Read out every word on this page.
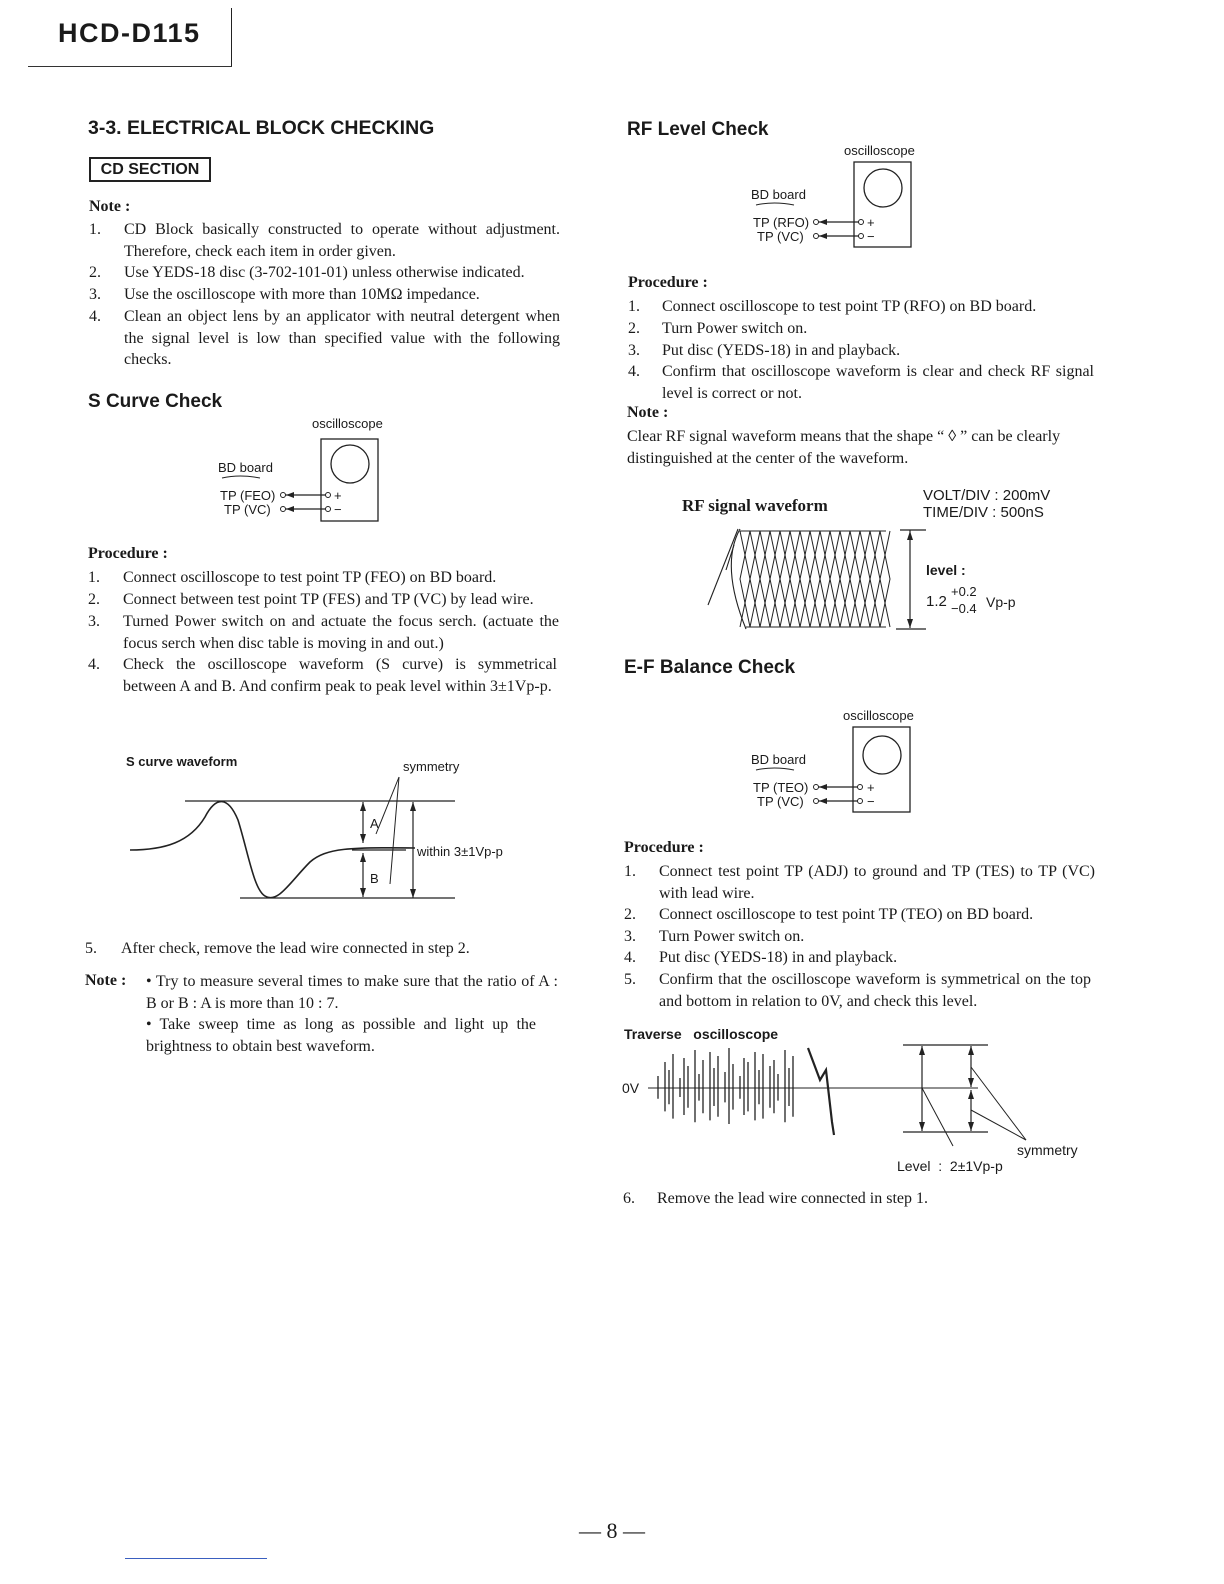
HCD-D115
3-3. ELECTRICAL BLOCK CHECKING
CD SECTION
Note :
1. CD Block basically constructed to operate without adjustment. Therefore, check each item in order given.
2. Use YEDS-18 disc (3-702-101-01) unless otherwise indicated.
3. Use the oscilloscope with more than 10MΩ impedance.
4. Clean an object lens by an applicator with neutral detergent when the signal level is low than specified value with the following checks.
S Curve Check
oscilloscope
BD board
TP (FEO)
TP (VC)
+
−
Procedure :
1. Connect oscilloscope to test point TP (FEO) on BD board.
2. Connect between test point TP (FES) and TP (VC) by lead wire.
3. Turned Power switch on and actuate the focus serch. (actuate the focus serch when disc table is moving in and out.)
4. Check the oscilloscope waveform (S curve) is symmetrical between A and B. And confirm peak to peak level within 3±1Vp-p.
S curve waveform	symmetry
within 3±1Vp-p
A
B
5. After check, remove the lead wire connected in step 2.
Note : • Try to measure several times to make sure that the ratio of A : B or B : A is more than 10 : 7.
• Take sweep time as long as possible and light up the brightness to obtain best waveform.
RF Level Check
oscilloscope
BD board
TP (RFO)
TP (VC)
+
−
Procedure :
1. Connect oscilloscope to test point TP (RFO) on BD board.
2. Turn Power switch on.
3. Put disc (YEDS-18) in and playback.
4. Confirm that oscilloscope waveform is clear and check RF signal level is correct or not.
Note :
Clear RF signal waveform means that the shape “ ◊ ” can be clearly distinguished at the center of the waveform.
RF signal waveform
VOLT/DIV : 200mV
TIME/DIV : 500nS
level :
1.2
+0.2
−0.4 Vp-p
E-F Balance Check
oscilloscope
BD board
TP (TEO)
TP (VC)
+
−
Procedure :
1. Connect test point TP (ADJ) to ground and TP (TES) to TP (VC) with lead wire.
2. Connect oscilloscope to test point TP (TEO) on BD board.
3. Turn Power switch on.
4. Put disc (YEDS-18) in and playback.
5. Confirm that the oscilloscope waveform is symmetrical on the top and bottom in relation to 0V, and check this level.
Traverse   oscilloscope
0V
symmetry
Level  :  2±1Vp-p
6. Remove the lead wire connected in step 1.
— 8 —
